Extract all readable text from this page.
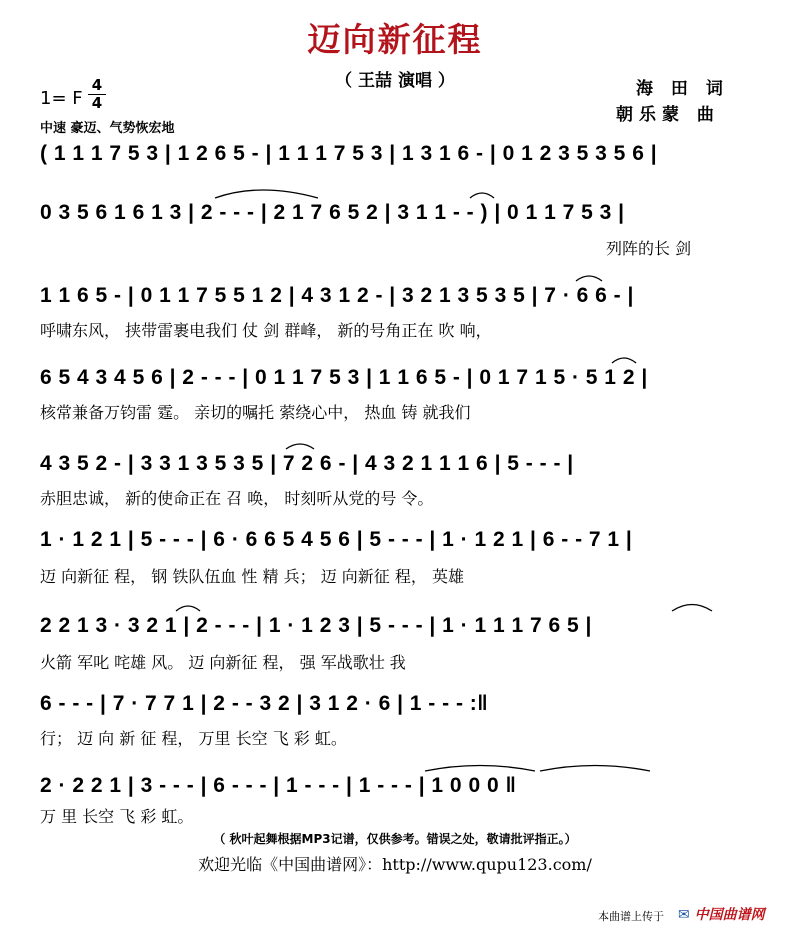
迈向新征程
（ 王喆 演唱 ）	海 田 词
朝乐蒙 曲
1= F
4
4
中速 豪迈、气势恢宏地
( 1 1 1 7 5 3 | 1 2 6 5 - | 1 1 1 7 5 3 | 1 3 1 6 - | 0 1 2 3 5 3 5 6 |
0 3 5 6 1 6 1 3 | 2 - - - | 2 1 7 6 5 2 | 3 1 1 - - ) | 0 1 1 7 5 3 |
列阵的长 剑
1 1 6 5 - | 0 1 1 7 5 5 1 2 | 4 3 1 2 - | 3 2 1 3 5 3 5 | 7 · 6 6 - |
呼啸东风， 挟带雷裹电我们 仗 剑 群峰， 新的号角正在 吹 响，
6 5 4 3 4 5 6 | 2 - - - | 0 1 1 7 5 3 | 1 1 6 5 - | 0 1 7 1 5 · 5 1 2 |
核常兼备万钧雷 霆。 亲切的嘱托 萦绕心中， 热血 铸 就我们
4 3 5 2 - | 3 3 1 3 5 3 5 | 7 2 6 - | 4 3 2 1 1 1 6 | 5 - - - |
赤胆忠诚， 新的使命正在 召 唤， 时刻听从党的号 令。
1 · 1 2 1 | 5 - - - | 6 · 6 6 5 4 5 6 | 5 - - - | 1 · 1 2 1 | 6 - - 7 1 |
迈 向新征 程， 钢 铁队伍血 性 精 兵； 迈 向新征 程， 英雄
2 2 1 3 · 3 2 1 | 2 - - - | 1 · 1 2 3 | 5 - - - | 1 · 1 1 1 7 6 5 |
火箭 军叱 咤雄 风。 迈 向新征 程， 强 军战歌壮 我
6 - - - | 7 · 7 7 1 | 2 - - 3 2 | 3 1 2 · 6 | 1 - - - :‖
行； 迈 向 新 征 程， 万里 长空 飞 彩 虹。
2 · 2 2 1 | 3 - - - | 6 - - - | 1 - - - | 1 - - - | 1 0 0 0 ‖
万 里 长空 飞 彩 虹。
（ 秋叶起舞根据MP3记谱，仅供参考。错误之处，敬请批评指正。）
欢迎光临《中国曲谱网》：http://www.qupu123.com/
本曲谱上传于 ✉ 中国曲谱网
